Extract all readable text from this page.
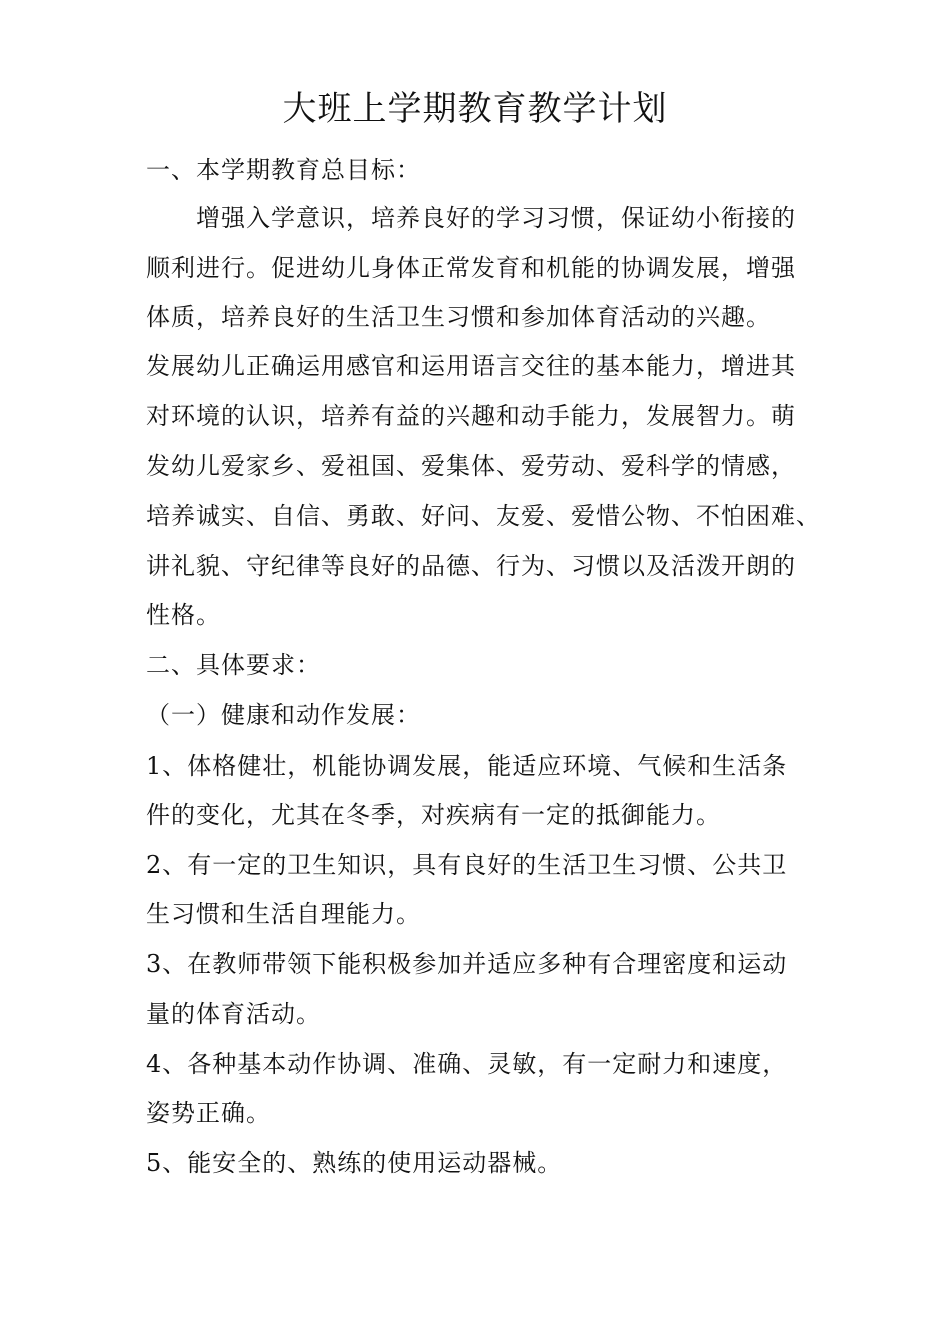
大班上学期教育教学计划
一、本学期教育总目标：
增强入学意识，培养良好的学习习惯，保证幼小衔接的
顺利进行。促进幼儿身体正常发育和机能的协调发展，增强
体质，培养良好的生活卫生习惯和参加体育活动的兴趣。
发展幼儿正确运用感官和运用语言交往的基本能力，增进其
对环境的认识，培养有益的兴趣和动手能力，发展智力。萌
发幼儿爱家乡、爱祖国、爱集体、爱劳动、爱科学的情感，
培养诚实、自信、勇敢、好问、友爱、爱惜公物、不怕困难、
讲礼貌、守纪律等良好的品德、行为、习惯以及活泼开朗的
性格。
二、具体要求：
（一）健康和动作发展：
1、体格健壮，机能协调发展，能适应环境、气候和生活条
件的变化，尤其在冬季，对疾病有一定的抵御能力。
2、有一定的卫生知识，具有良好的生活卫生习惯、公共卫
生习惯和生活自理能力。
3、在教师带领下能积极参加并适应多种有合理密度和运动
量的体育活动。
4、各种基本动作协调、准确、灵敏，有一定耐力和速度，
姿势正确。
5、能安全的、熟练的使用运动器械。
